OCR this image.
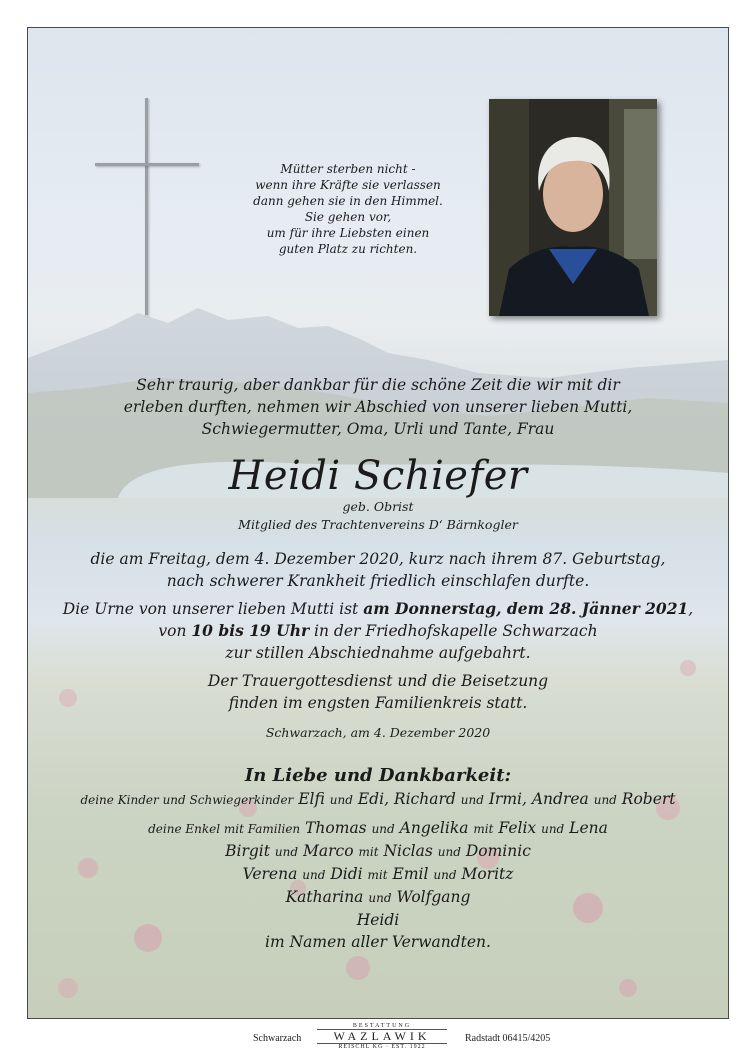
Mütter sterben nicht -
wenn ihre Kräfte sie verlassen
dann gehen sie in den Himmel.
Sie gehen vor,
um für ihre Liebsten einen
guten Platz zu richten.
Sehr traurig, aber dankbar für die schöne Zeit die wir mit dir
erleben durften, nehmen wir Abschied von unserer lieben Mutti,
Schwiegermutter, Oma, Urli und Tante, Frau
Heidi Schiefer
geb. Obrist
Mitglied des Trachtenvereins D‘ Bärnkogler
die am Freitag, dem 4. Dezember 2020, kurz nach ihrem 87. Geburtstag,
nach schwerer Krankheit friedlich einschlafen durfte.
Die Urne von unserer lieben Mutti ist am Donnerstag, dem 28. Jänner 2021,
von 10 bis 19 Uhr in der Friedhofskapelle Schwarzach
zur stillen Abschiednahme aufgebahrt.
Der Trauergottesdienst und die Beisetzung
finden im engsten Familienkreis statt.
Schwarzach, am 4. Dezember 2020
In Liebe und Dankbarkeit:
deine Kinder und Schwiegerkinder Elfi und Edi, Richard und Irmi, Andrea und Robert
deine Enkel mit Familien Thomas und Angelika mit Felix und Lena
Birgit und Marco mit Niclas und Dominic
Verena und Didi mit Emil und Moritz
Katharina und Wolfgang
Heidi
im Namen aller Verwandten.
Schwarzach
BESTATTUNG
WAZLAWIK
REISCHL KG · EST. 1922
Radstadt 06415/4205
